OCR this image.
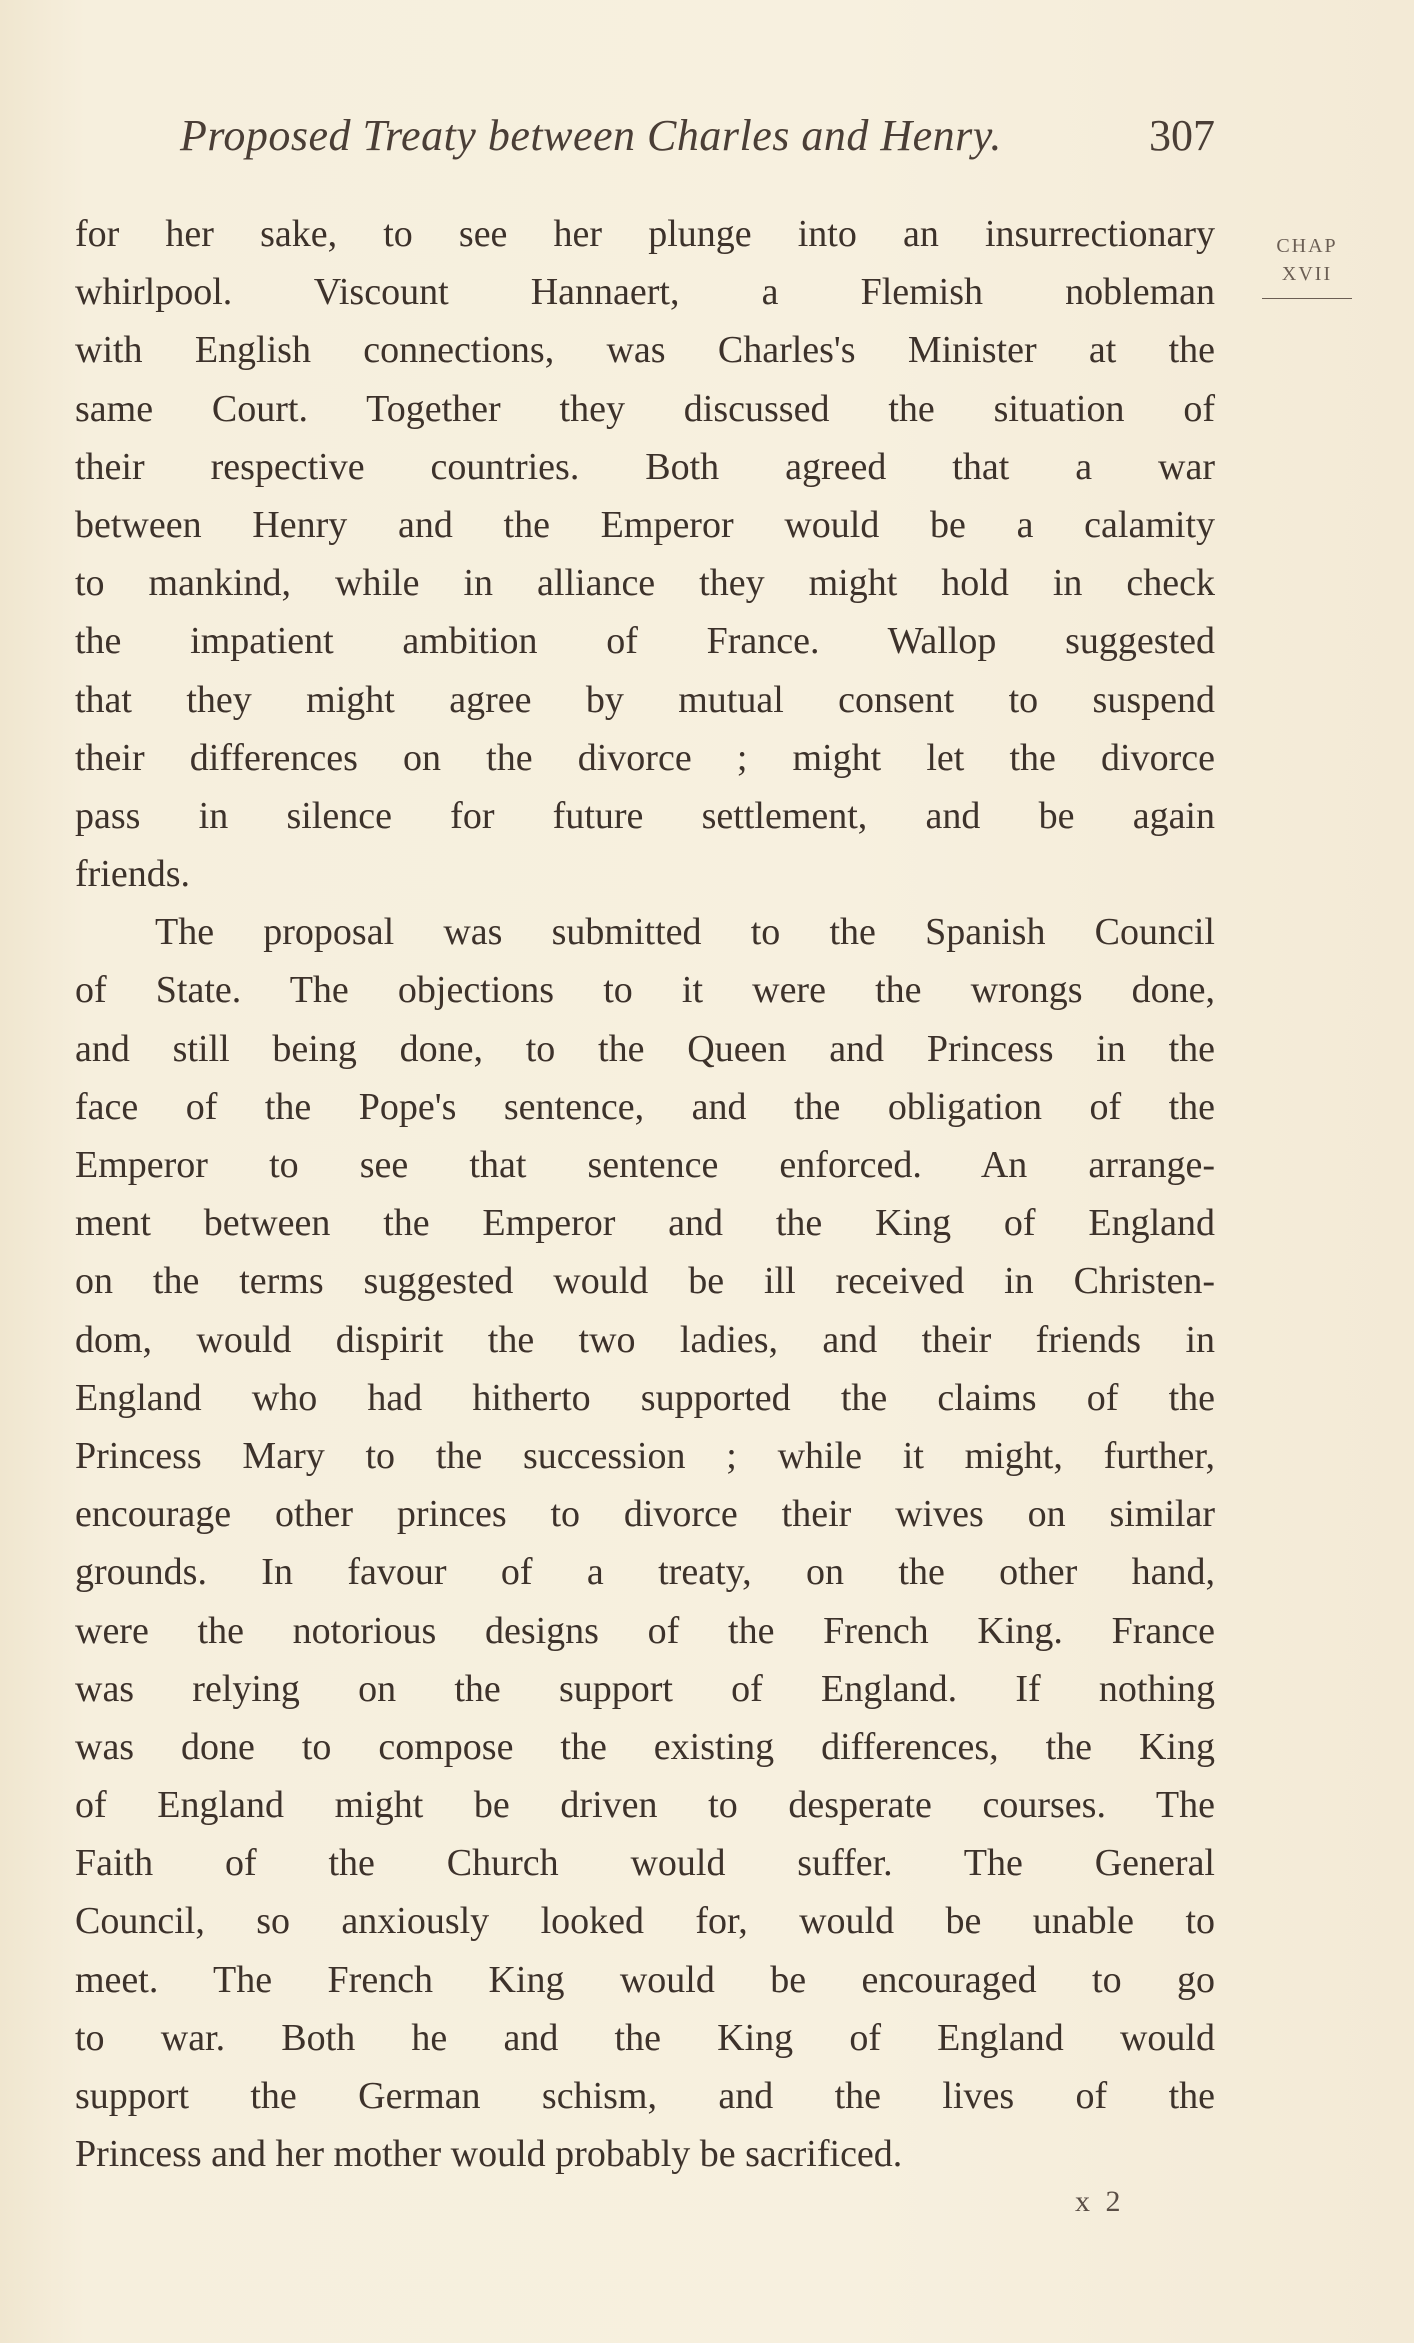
Proposed Treaty between Charles and Henry.	307
CHAP
XVII
for her sake, to see her plunge into an insurrectionary
whirlpool. Viscount Hannaert, a Flemish nobleman
with English connections, was Charles's Minister at the
same Court. Together they discussed the situation of
their respective countries. Both agreed that a war
between Henry and the Emperor would be a calamity
to mankind, while in alliance they might hold in check
the impatient ambition of France. Wallop suggested
that they might agree by mutual consent to suspend
their differences on the divorce ; might let the divorce
pass in silence for future settlement, and be again
friends.
The proposal was submitted to the Spanish Council
of State. The objections to it were the wrongs done,
and still being done, to the Queen and Princess in the
face of the Pope's sentence, and the obligation of the
Emperor to see that sentence enforced. An arrange-
ment between the Emperor and the King of England
on the terms suggested would be ill received in Christen-
dom, would dispirit the two ladies, and their friends in
England who had hitherto supported the claims of the
Princess Mary to the succession ; while it might, further,
encourage other princes to divorce their wives on similar
grounds. In favour of a treaty, on the other hand,
were the notorious designs of the French King. France
was relying on the support of England. If nothing
was done to compose the existing differences, the King
of England might be driven to desperate courses. The
Faith of the Church would suffer. The General
Council, so anxiously looked for, would be unable to
meet. The French King would be encouraged to go
to war. Both he and the King of England would
support the German schism, and the lives of the
Princess and her mother would probably be sacrificed.
x 2
